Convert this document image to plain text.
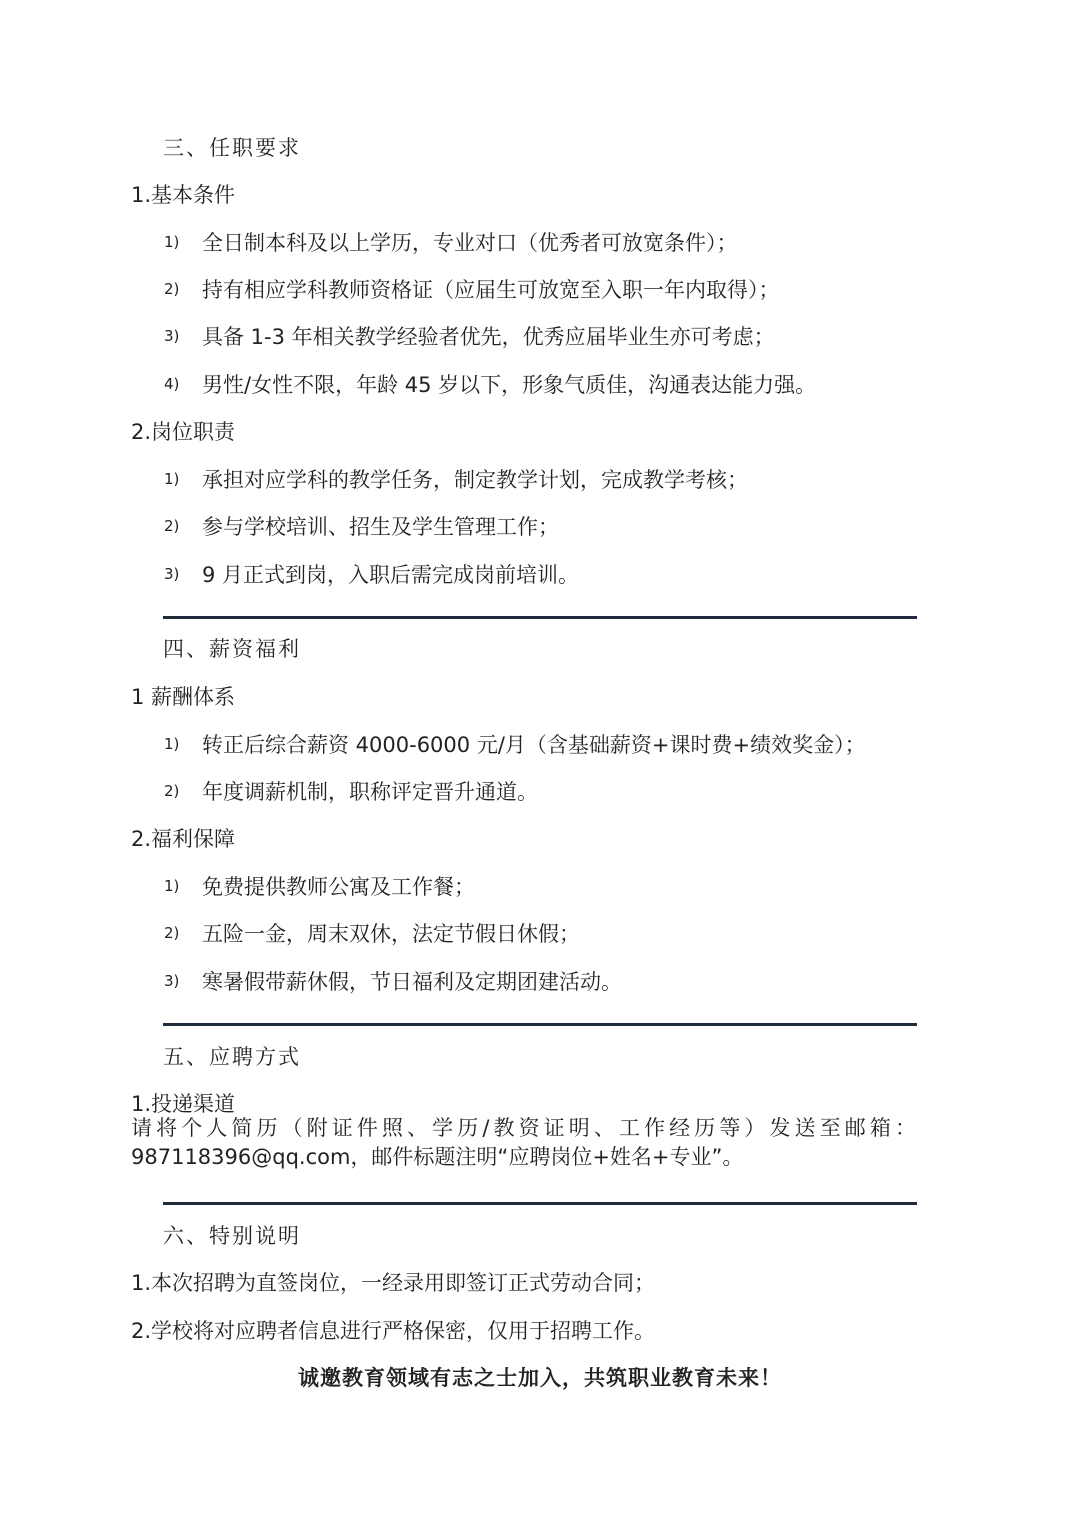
三、任职要求
1.基本条件
1) 全日制本科及以上学历，专业对口（优秀者可放宽条件）；
2) 持有相应学科教师资格证（应届生可放宽至入职一年内取得）；
3) 具备 1-3 年相关教学经验者优先，优秀应届毕业生亦可考虑；
4) 男性/女性不限，年龄 45 岁以下，形象气质佳，沟通表达能力强。
2.岗位职责
1) 承担对应学科的教学任务，制定教学计划，完成教学考核；
2) 参与学校培训、招生及学生管理工作；
3) 9 月正式到岗，入职后需完成岗前培训。
四、薪资福利
1 薪酬体系
1) 转正后综合薪资 4000-6000 元/月（含基础薪资+课时费+绩效奖金）；
2) 年度调薪机制，职称评定晋升通道。
2.福利保障
1) 免费提供教师公寓及工作餐；
2) 五险一金，周末双休，法定节假日休假；
3) 寒暑假带薪休假，节日福利及定期团建活动。
五、应聘方式
1.投递渠道
请将个人简历（附证件照、学历/教资证明、工作经历等）发送至邮箱：
987118396@qq.com，邮件标题注明“应聘岗位+姓名+专业”。
六、特别说明
1.本次招聘为直签岗位，一经录用即签订正式劳动合同；
2.学校将对应聘者信息进行严格保密，仅用于招聘工作。
诚邀教育领域有志之士加入，共筑职业教育未来！
